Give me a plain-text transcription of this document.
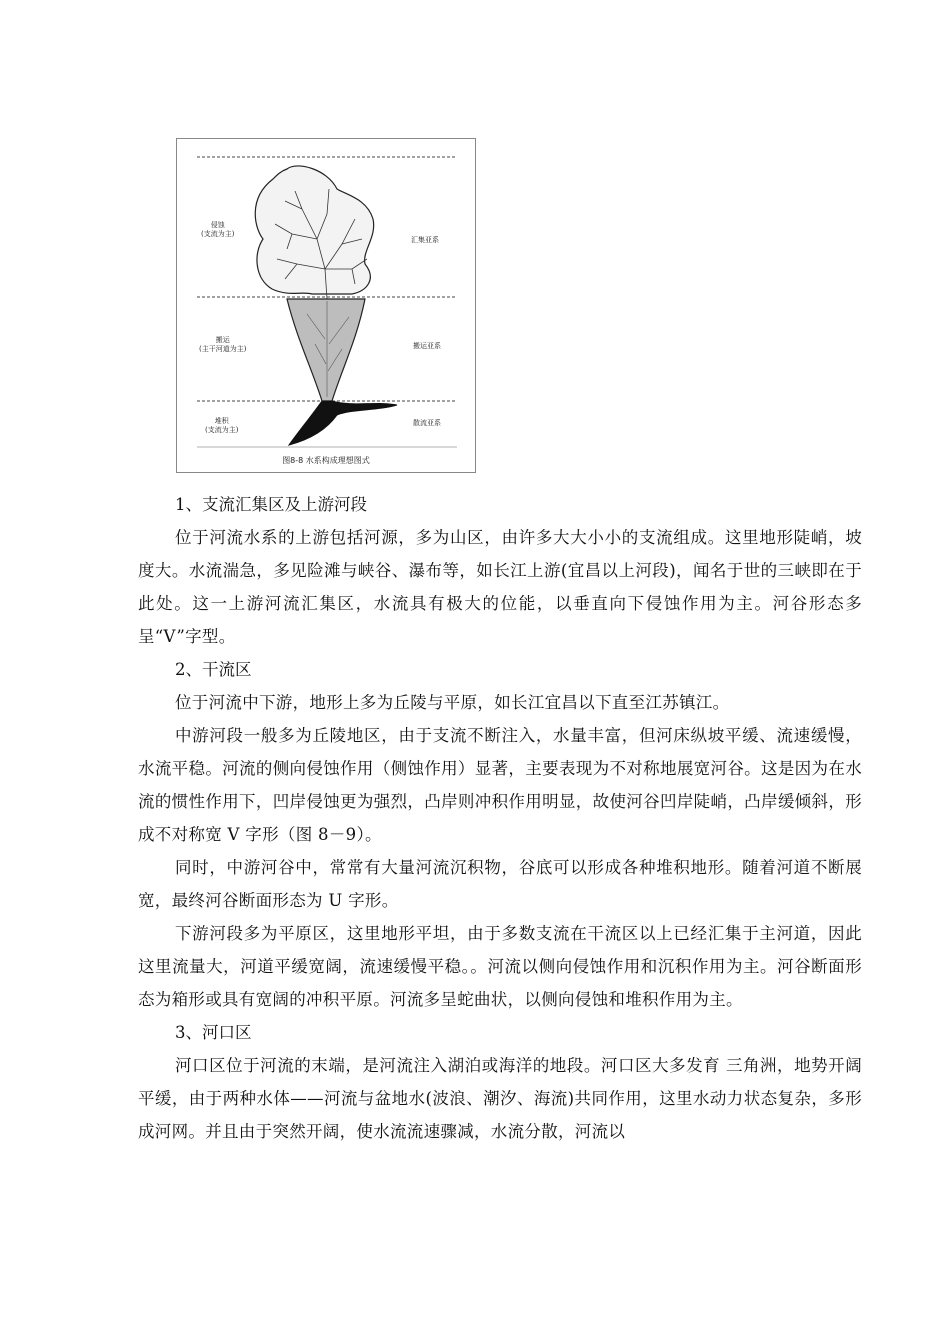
侵蚀
(支流为主)
搬运
(主干河道为主)
堆积
(支流为主)
汇集亚系
搬运亚系
散流亚系
图8-8 水系构成理想图式
1、支流汇集区及上游河段
位于河流水系的上游包括河源，多为山区，由许多大大小小的支流组成。这里地形陡峭，坡度大。水流湍急，多见险滩与峡谷、瀑布等，如长江上游(宜昌以上河段)，闻名于世的三峡即在于此处。这一上游河流汇集区，水流具有极大的位能，以垂直向下侵蚀作用为主。河谷形态多呈“V”字型。
2、干流区
位于河流中下游，地形上多为丘陵与平原，如长江宜昌以下直至江苏镇江。
中游河段一般多为丘陵地区，由于支流不断注入，水量丰富，但河床纵坡平缓、流速缓慢，水流平稳。河流的侧向侵蚀作用（侧蚀作用）显著，主要表现为不对称地展宽河谷。这是因为在水流的惯性作用下，凹岸侵蚀更为强烈，凸岸则冲积作用明显，故使河谷凹岸陡峭，凸岸缓倾斜，形成不对称宽 V 字形（图 8－9）。
同时，中游河谷中，常常有大量河流沉积物，谷底可以形成各种堆积地形。随着河道不断展宽，最终河谷断面形态为 U 字形。
下游河段多为平原区，这里地形平坦，由于多数支流在干流区以上已经汇集于主河道，因此这里流量大，河道平缓宽阔，流速缓慢平稳。。河流以侧向侵蚀作用和沉积作用为主。河谷断面形态为箱形或具有宽阔的冲积平原。河流多呈蛇曲状，以侧向侵蚀和堆积作用为主。
3、河口区
河口区位于河流的末端，是河流注入湖泊或海洋的地段。河口区大多发育 三角洲，地势开阔平缓，由于两种水体——河流与盆地水(波浪、潮汐、海流)共同作用，这里水动力状态复杂，多形成河网。并且由于突然开阔，使水流流速骤减，水流分散，河流以
